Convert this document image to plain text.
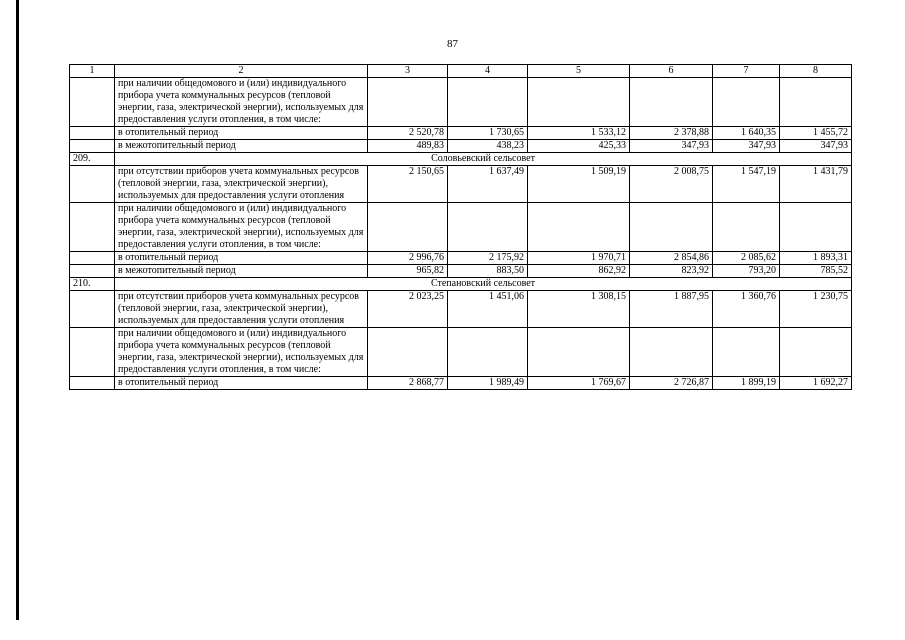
87
1	2	3	4	5	6	7	8
	при наличии общедомового и (или) индивидуального прибора учета коммунальных ресурсов (тепловой энергии, газа, электрической энергии), используемых для предоставления услуги отопления, в том числе:						
	в отопительный период	2 520,78	1 730,65	1 533,12	2 378,88	1 640,35	1 455,72
	в межотопительный период	489,83	438,23	425,33	347,93	347,93	347,93
209.	Соловьевский сельсовет						
	при отсутствии приборов учета коммунальных ресурсов (тепловой энергии, газа, электрической энергии), используемых для предоставления услуги отопления	2 150,65	1 637,49	1 509,19	2 008,75	1 547,19	1 431,79
	при наличии общедомового и (или) индивидуального прибора учета коммунальных ресурсов (тепловой энергии, газа, электрической энергии), используемых для предоставления услуги отопления, в том числе:						
	в отопительный период	2 996,76	2 175,92	1 970,71	2 854,86	2 085,62	1 893,31
	в межотопительный период	965,82	883,50	862,92	823,92	793,20	785,52
210.	Степановский сельсовет						
	при отсутствии приборов учета коммунальных ресурсов (тепловой энергии, газа, электрической энергии), используемых для предоставления услуги отопления	2 023,25	1 451,06	1 308,15	1 887,95	1 360,76	1 230,75
	при наличии общедомового и (или) индивидуального прибора учета коммунальных ресурсов (тепловой энергии, газа, электрической энергии), используемых для предоставления услуги отопления, в том числе:						
	в отопительный период	2 868,77	1 989,49	1 769,67	2 726,87	1 899,19	1 692,27
